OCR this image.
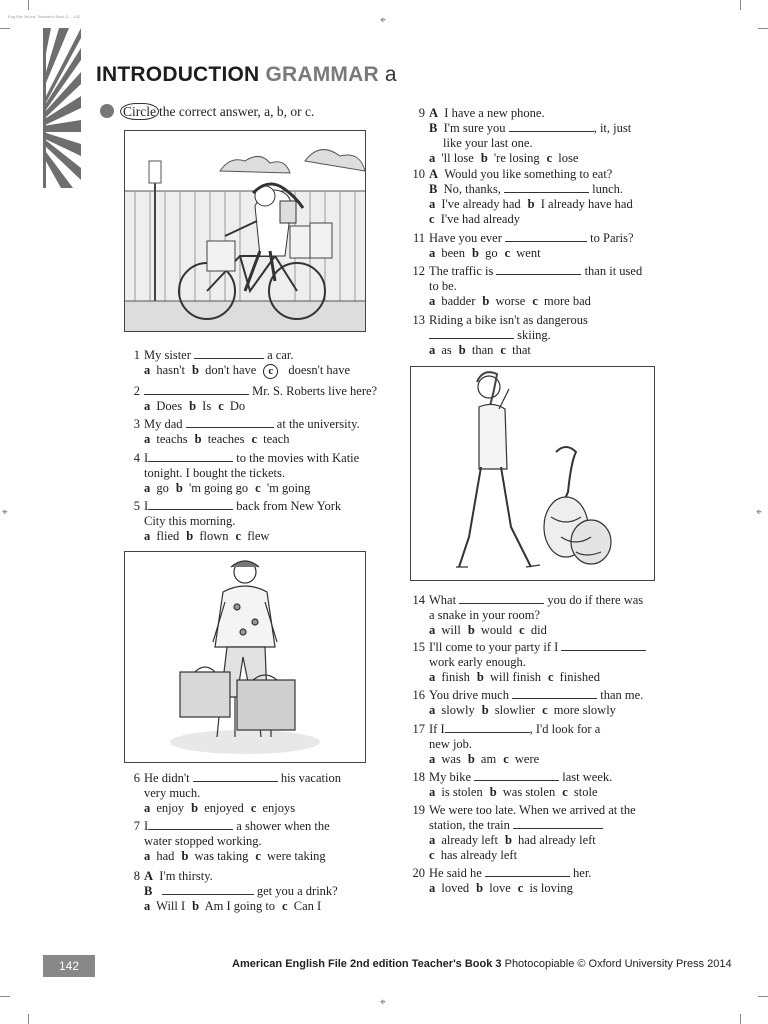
⌖
⌖
⌖	⌖
Eng File 3rd ed. Teacher's Book 3 ... 142
INTRODUCTION GRAMMAR a
Circle the correct answer, a, b, or c.
1 My sister	a car.
a hasn't b don't have c doesn't have
2	Mr. S. Roberts live here?
a Does b Is c Do
3 My dad	at the university.
a teachs b teaches c teach
4 I	to the movies with Katie
tonight. I bought the tickets.
a go b 'm going go c 'm going
5 I	back from New York
City this morning.
a flied b flown c flew
6 He didn't	his vacation
very much.
a enjoy b enjoyed c enjoys
7 I	a shower when the
water stopped working.
a had b was taking c were taking
9 A I have a new phone.
B I'm sure you	, it, just
like your last one.
a 'll lose b 're losing c lose
10 A Would you like something to eat?
B No, thanks,	lunch.
a I've already had b I already have had
c I've had already
11 Have you ever	to Paris?
a been b go c went
12 The traffic is	than it used
to be.
a badder b worse c more bad
13 Riding a bike isn't as dangerous
skiing.
a as b than c that
14 What	you do if there was
a snake in your room?
a will b would c did
15 I'll come to your party if I
work early enough.
a finish b will finish c finished
16 You drive much	than me.
a slowly b slowlier c more slowly
17 If I	, I'd look for a
new job.
a was b am c were
18 My bike	last week.
a is stolen b was stolen c stole
19 We were too late. When we arrived at the
station, the train
a already left b had already left
c has already left
20 He said he	her.
a loved b love c is loving
8 A I'm thirsty.
B	get you a drink?
a Will I b Am I going to c Can I
142	American English File 2nd edition Teacher's Book 3 Photocopiable © Oxford University Press 2014
